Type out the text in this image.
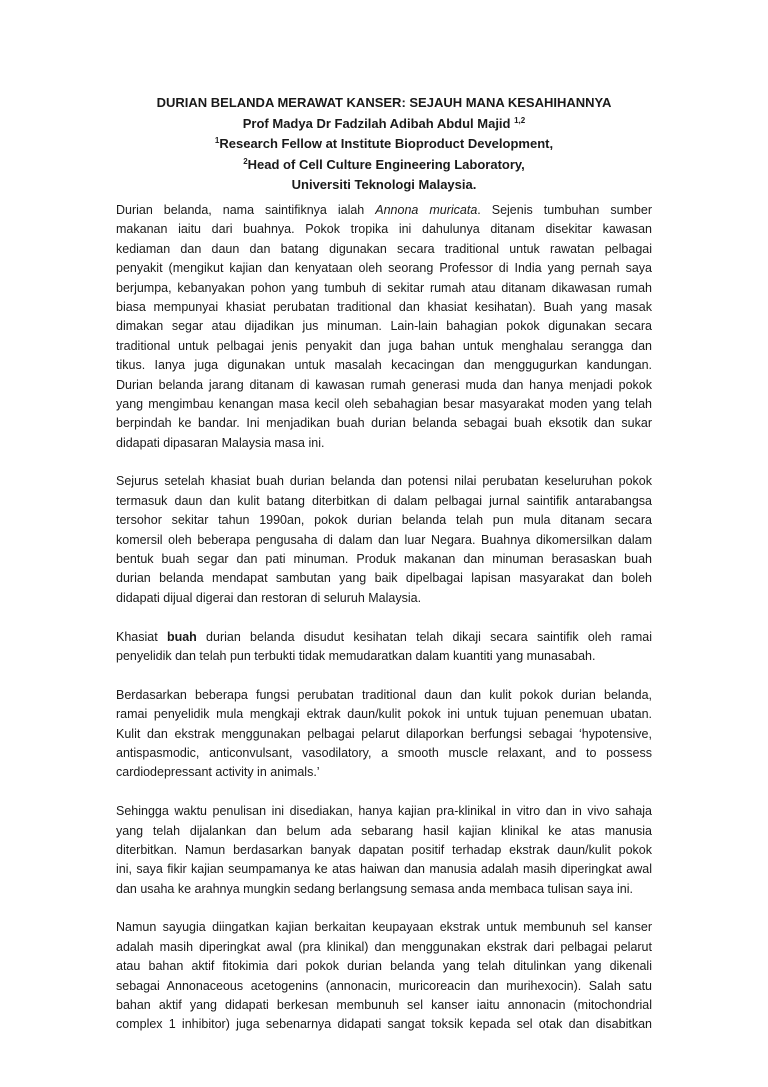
DURIAN BELANDA MERAWAT KANSER: SEJAUH MANA KESAHIHANNYA
Prof Madya Dr Fadzilah Adibah Abdul Majid $^{1,2}$
$^1$Research Fellow at Institute Bioproduct Development,
$^2$Head of Cell Culture Engineering Laboratory,
Universiti Teknologi Malaysia.
Durian belanda, nama saintifiknya ialah Annona muricata. Sejenis tumbuhan sumber
makanan iaitu dari buahnya. Pokok tropika ini dahulunya ditanam disekitar kawasan
kediaman dan daun dan batang digunakan secara traditional untuk rawatan pelbagai
penyakit (mengikut kajian dan kenyataan oleh seorang Professor di India yang pernah saya
berjumpa, kebanyakan pohon yang tumbuh di sekitar rumah atau ditanam dikawasan rumah
biasa mempunyai khasiat perubatan traditional dan khasiat kesihatan). Buah yang masak
dimakan segar atau dijadikan jus minuman. Lain-lain bahagian pokok digunakan secara
traditional untuk pelbagai jenis penyakit dan juga bahan untuk menghalau serangga dan
tikus. Ianya juga digunakan untuk masalah kecacingan dan menggugurkan kandungan.
Durian belanda jarang ditanam di kawasan rumah generasi muda dan hanya menjadi pokok
yang mengimbau kenangan masa kecil oleh sebahagian besar masyarakat moden yang telah
berpindah ke bandar. Ini menjadikan buah durian belanda sebagai buah eksotik dan sukar
didapati dipasaran Malaysia masa ini.
Sejurus setelah khasiat buah durian belanda dan potensi nilai perubatan keseluruhan pokok
termasuk daun dan kulit batang diterbitkan di dalam pelbagai jurnal saintifik antarabangsa
tersohor sekitar tahun 1990an, pokok durian belanda telah pun mula ditanam secara
komersil oleh beberapa pengusaha di dalam dan luar Negara. Buahnya dikomersilkan dalam
bentuk buah segar dan pati minuman. Produk makanan dan minuman berasaskan buah
durian belanda mendapat sambutan yang baik dipelbagai lapisan masyarakat dan boleh
didapati dijual digerai dan restoran di seluruh Malaysia.
Khasiat buah durian belanda disudut kesihatan telah dikaji secara saintifik oleh ramai
penyelidik dan telah pun terbukti tidak memudaratkan dalam kuantiti yang munasabah.
Berdasarkan beberapa fungsi perubatan traditional daun dan kulit pokok durian belanda,
ramai penyelidik mula mengkaji ektrak daun/kulit pokok ini untuk tujuan penemuan ubatan.
Kulit dan ekstrak menggunakan pelbagai pelarut dilaporkan berfungsi sebagai ‘hypotensive,
antispasmodic, anticonvulsant, vasodilatory, a smooth muscle relaxant, and to possess
cardiodepressant activity in animals.’
Sehingga waktu penulisan ini disediakan, hanya kajian pra-klinikal in vitro dan in vivo sahaja
yang telah dijalankan dan belum ada sebarang hasil kajian klinikal ke atas manusia
diterbitkan. Namun berdasarkan banyak dapatan positif terhadap ekstrak daun/kulit pokok
ini, saya fikir kajian seumpamanya ke atas haiwan dan manusia adalah masih diperingkat awal
dan usaha ke arahnya mungkin sedang berlangsung semasa anda membaca tulisan saya ini.
Namun sayugia diingatkan kajian berkaitan keupayaan ekstrak untuk membunuh sel kanser
adalah masih diperingkat awal (pra klinikal) dan menggunakan ekstrak dari pelbagai pelarut
atau bahan aktif fitokimia dari pokok durian belanda yang telah ditulinkan yang dikenali
sebagai Annonaceous acetogenins (annonacin, muricoreacin dan murihexocin). Salah satu
bahan aktif yang didapati berkesan membunuh sel kanser iaitu annonacin (mitochondrial
complex 1 inhibitor) juga sebenarnya didapati sangat toksik kepada sel otak dan disabitkan
